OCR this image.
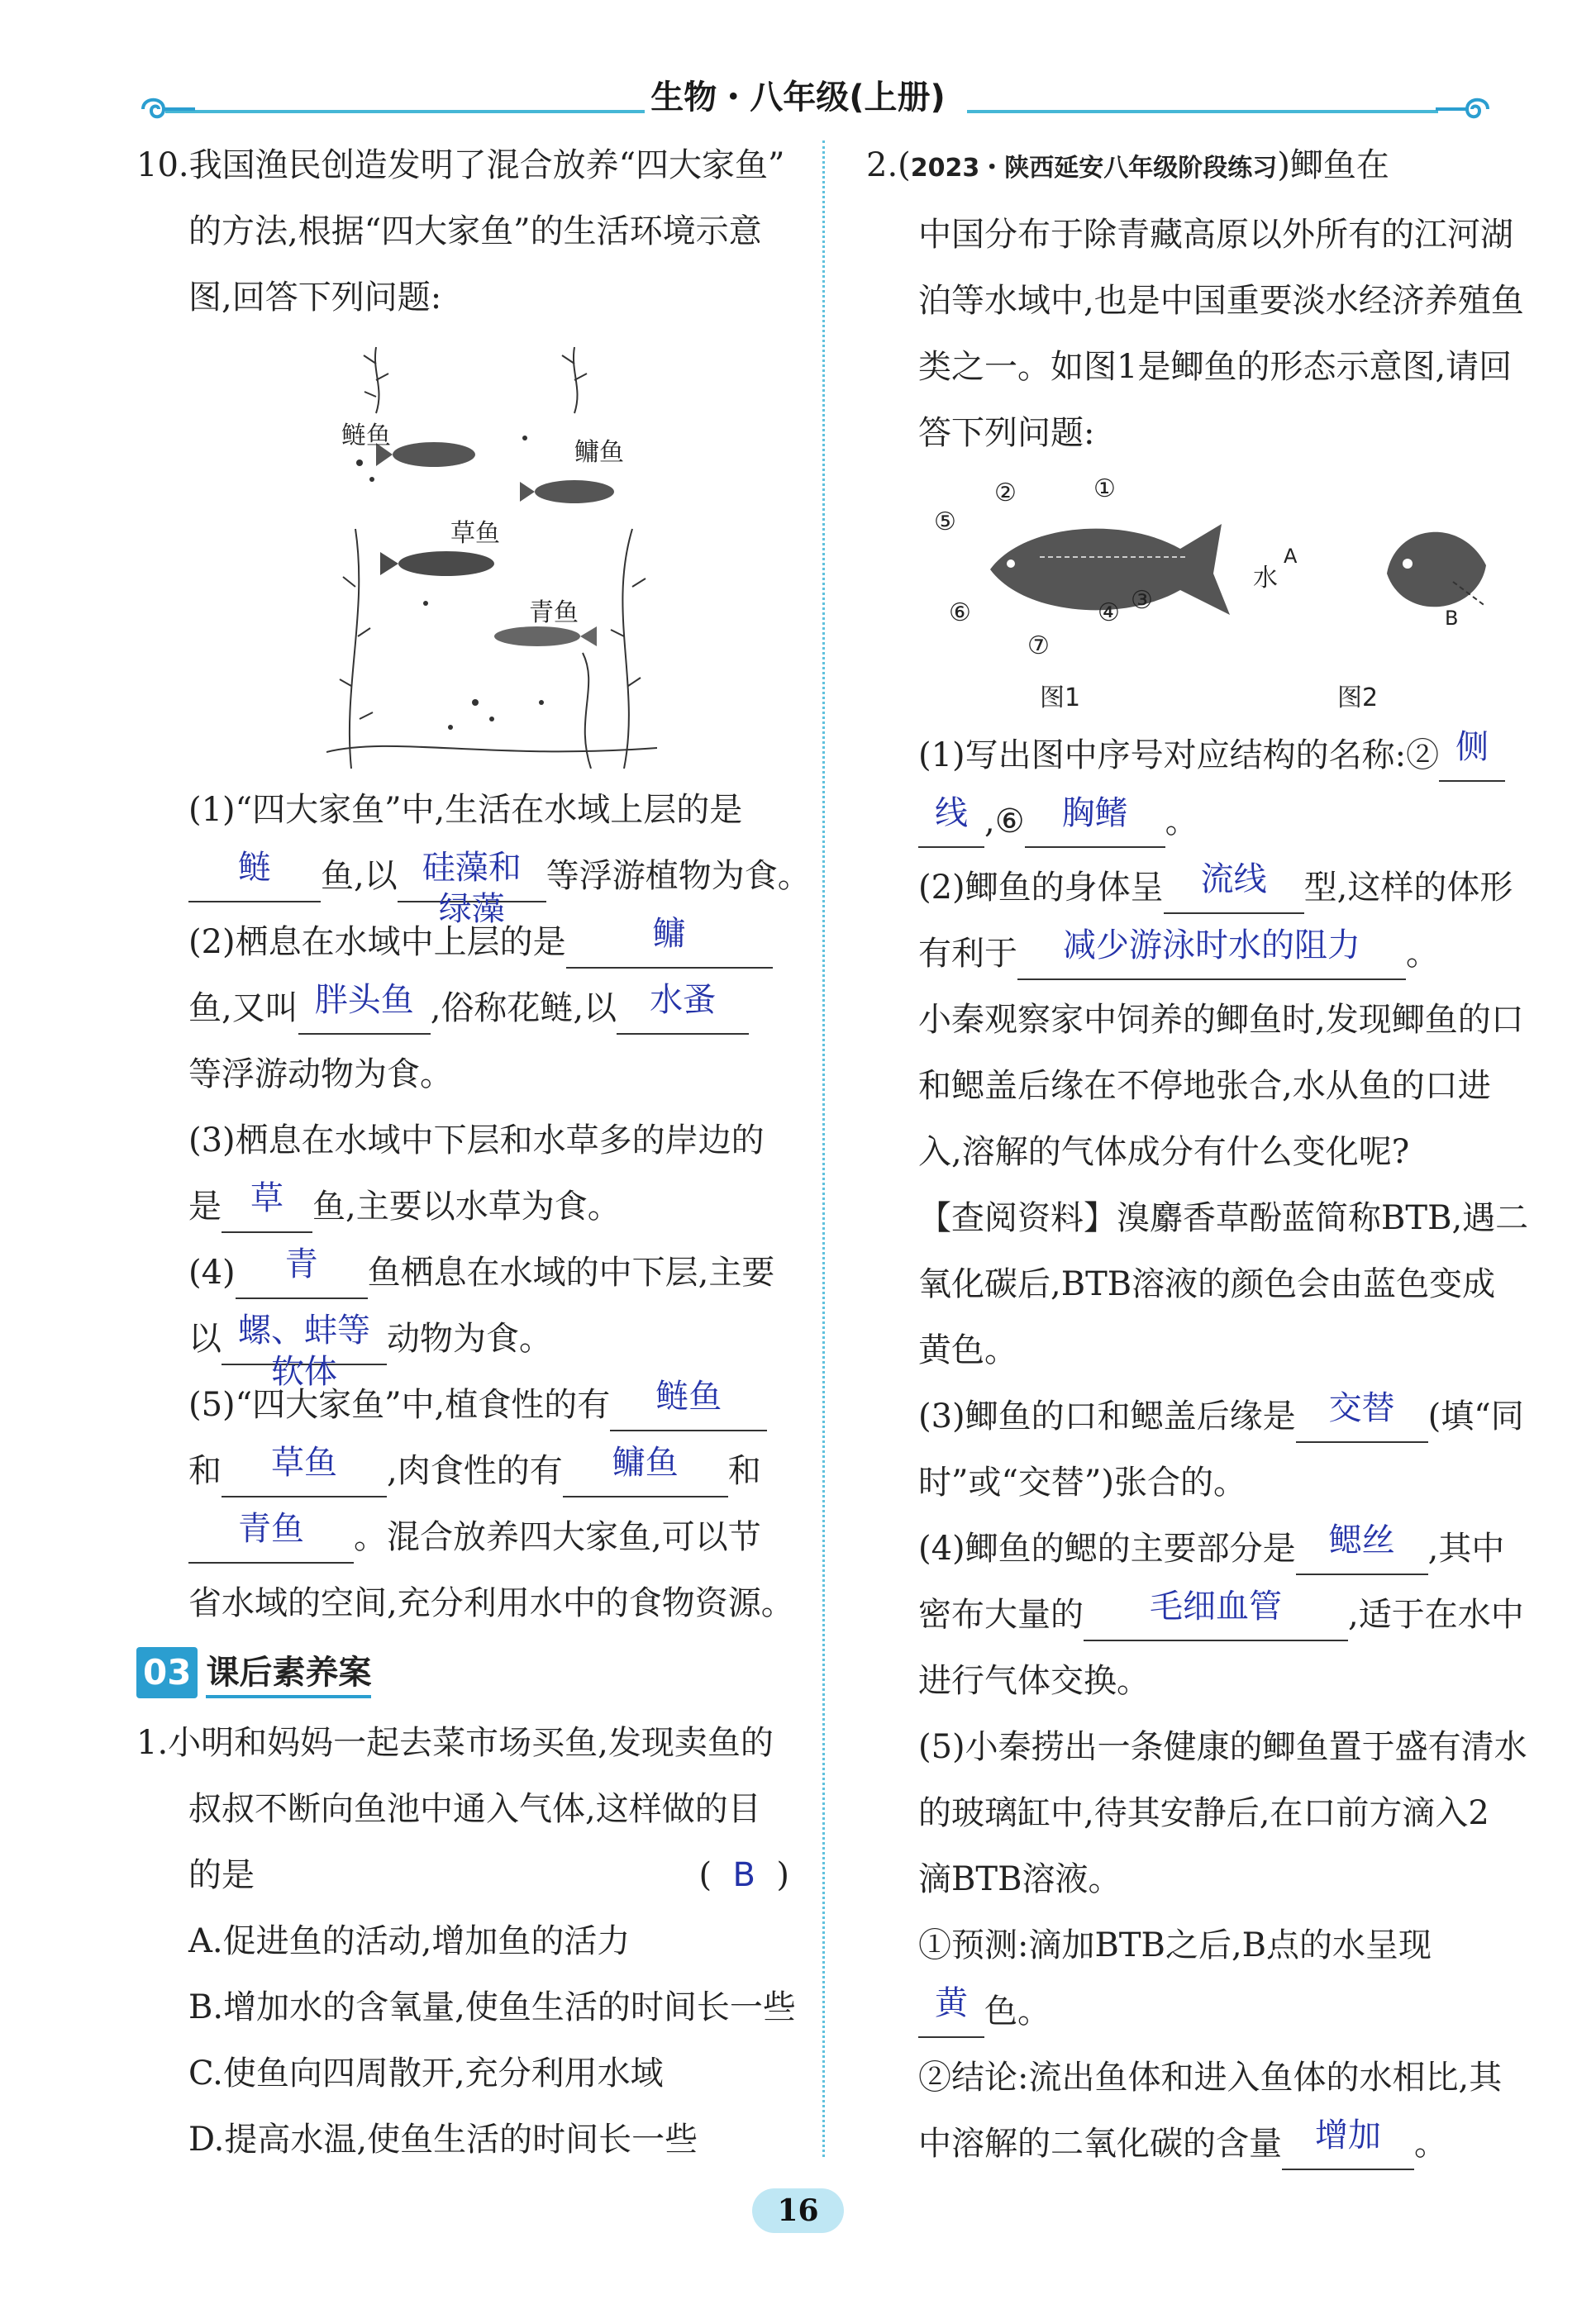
生物・八年级(上册)

10.我国渔民创造发明了混合放养“四大家鱼”

的方法,根据“四大家鱼”的生活环境示意

图,回答下列问题:

鲢鱼
鳙鱼
草鱼
青鱼

(1)“四大家鱼”中,生活在水域上层的是

鲢 鱼,以 硅藻和
绿藻
等浮游植物为食。

(2)栖息在水域中上层的是	鳙

鱼,又叫 胖头鱼 ,俗称花鲢,以 水蚤

等浮游动物为食。

(3)栖息在水域中下层和水草多的岸边的

是 草 鱼,主要以水草为食。

(4) 青 鱼栖息在水域的中下层,主要

以 螺、蚌等
软体
动物为食。

(5)“四大家鱼”中,植食性的有 鲢鱼

和 草鱼 ,肉食性的有 鳙鱼 和

青鱼 。混合放养四大家鱼,可以节

省水域的空间,充分利用水中的食物资源。

03 课后素养案

1.小明和妈妈一起去菜市场买鱼,发现卖鱼的

叔叔不断向鱼池中通入气体,这样做的目

的是	( B )

A.促进鱼的活动,增加鱼的活力

B.增加水的含氧量,使鱼生活的时间长一些

C.使鱼向四周散开,充分利用水域

D.提高水温,使鱼生活的时间长一些

2.(2023・陕西延安八年级阶段练习)鲫鱼在

中国分布于除青藏高原以外所有的江河湖

泊等水域中,也是中国重要淡水经济养殖鱼

类之一。如图1是鲫鱼的形态示意图,请回

答下列问题:

①
②
⑤
③
④
⑥
⑦
水
A
B
图1	图2

(1)写出图中序号对应结构的名称:② 侧

线 ,⑥ 胸鳍 。

(2)鲫鱼的身体呈 流线 型,这样的体形

有利于 减少游泳时水的阻力 。

小秦观察家中饲养的鲫鱼时,发现鲫鱼的口

和鳃盖后缘在不停地张合,水从鱼的口进

入,溶解的气体成分有什么变化呢?

【查阅资料】溴麝香草酚蓝简称BTB,遇二

氧化碳后,BTB溶液的颜色会由蓝色变成

黄色。

(3)鲫鱼的口和鳃盖后缘是 交替 (填“同

时”或“交替”)张合的。

(4)鲫鱼的鳃的主要部分是 鳃丝 ,其中

密布大量的 毛细血管 ,适于在水中

进行气体交换。

(5)小秦捞出一条健康的鲫鱼置于盛有清水

的玻璃缸中,待其安静后,在口前方滴入2

滴BTB溶液。

①预测:滴加BTB之后,B点的水呈现

黄 色。

②结论:流出鱼体和进入鱼体的水相比,其

中溶解的二氧化碳的含量 增加 。

16
